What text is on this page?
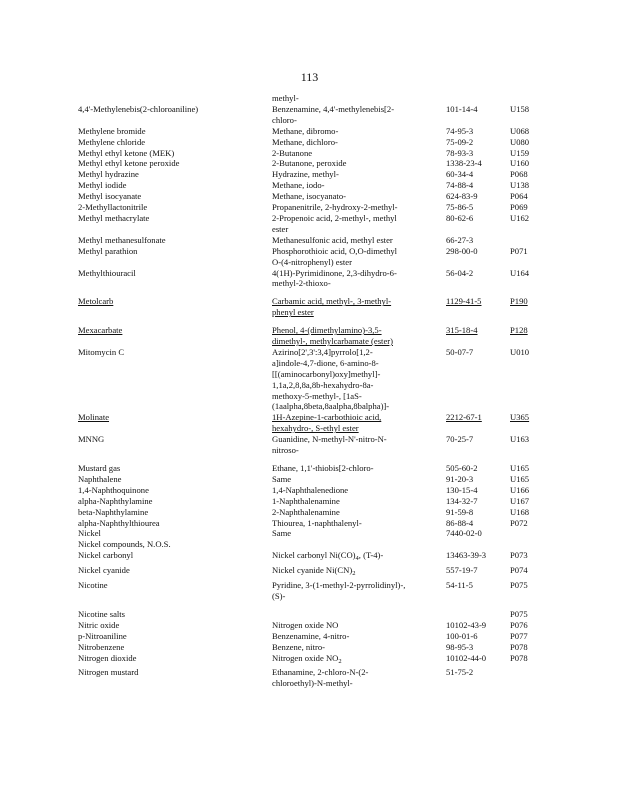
113
	methyl-		
4,4'-Methylenebis(2-chloroaniline)	Benzenamine, 4,4'-methylenebis[2-	101-14-4	U158
	chloro-		
Methylene bromide	Methane, dibromo-	74-95-3	U068
Methylene chloride	Methane, dichloro-	75-09-2	U080
Methyl ethyl ketone (MEK)	2-Butanone	78-93-3	U159
Methyl ethyl ketone peroxide	2-Butanone, peroxide	1338-23-4	U160
Methyl hydrazine	Hydrazine, methyl-	60-34-4	P068
Methyl iodide	Methane, iodo-	74-88-4	U138
Methyl isocyanate	Methane, isocyanato-	624-83-9	P064
2-Methyllactonitrile	Propanenitrile, 2-hydroxy-2-methyl-	75-86-5	P069
Methyl methacrylate	2-Propenoic acid, 2-methyl-, methyl	80-62-6	U162
	ester		
Methyl methanesulfonate	Methanesulfonic acid, methyl ester	66-27-3	
Methyl parathion	Phosphorothioic acid, O,O-dimethyl	298-00-0	P071
	O-(4-nitrophenyl) ester		
Methylthiouracil	4(1H)-Pyrimidinone, 2,3-dihydro-6-	56-04-2	U164
	methyl-2-thioxo-		

Metolcarb	Carbamic acid, methyl-, 3-methyl-	1129-41-5	P190
	phenyl ester		

Mexacarbate	Phenol, 4-(dimethylamino)-3,5-	315-18-4	P128
	dimethyl-, methylcarbamate (ester)		
Mitomycin C	Azirino[2',3':3,4]pyrrolo[1,2-	50-07-7	U010
	a]indole-4,7-dione, 6-amino-8-		
	[[(aminocarbonyl)oxy]methyl]-		
	1,1a,2,8,8a,8b-hexahydro-8a-		
	methoxy-5-methyl-, [1aS-		
	(1aalpha,8beta,8aalpha,8balpha)]-		
Molinate	1H-Azepine-1-carbothioic acid,	2212-67-1	U365
	hexahydro-, S-ethyl ester		
MNNG	Guanidine, N-methyl-N'-nitro-N-	70-25-7	U163
	nitroso-		

Mustard gas	Ethane, 1,1'-thiobis[2-chloro-	505-60-2	U165
Naphthalene	Same	91-20-3	U165
1,4-Naphthoquinone	1,4-Naphthalenedione	130-15-4	U166
alpha-Naphthylamine	1-Naphthalenamine	134-32-7	U167
beta-Naphthylamine	2-Naphthalenamine	91-59-8	U168
alpha-Naphthylthiourea	Thiourea, 1-naphthalenyl-	86-88-4	P072
Nickel	Same	7440-02-0	
Nickel compounds, N.O.S.			
Nickel carbonyl	Nickel carbonyl $Ni(CO)_4$, (T-4)-	13463-39-3	P073
Nickel cyanide	Nickel cyanide $Ni(CN)_2$	557-19-7	P074
Nicotine	Pyridine, 3-(1-methyl-2-pyrrolidinyl)-,	54-11-5	P075
	(S)-		

Nicotine salts			P075
Nitric oxide	Nitrogen oxide NO	10102-43-9	P076
p-Nitroaniline	Benzenamine, 4-nitro-	100-01-6	P077
Nitrobenzene	Benzene, nitro-	98-95-3	P078
Nitrogen dioxide	Nitrogen oxide $NO_2$	10102-44-0	P078
Nitrogen mustard	Ethanamine, 2-chloro-N-(2-	51-75-2	
	chloroethyl)-N-methyl-		
